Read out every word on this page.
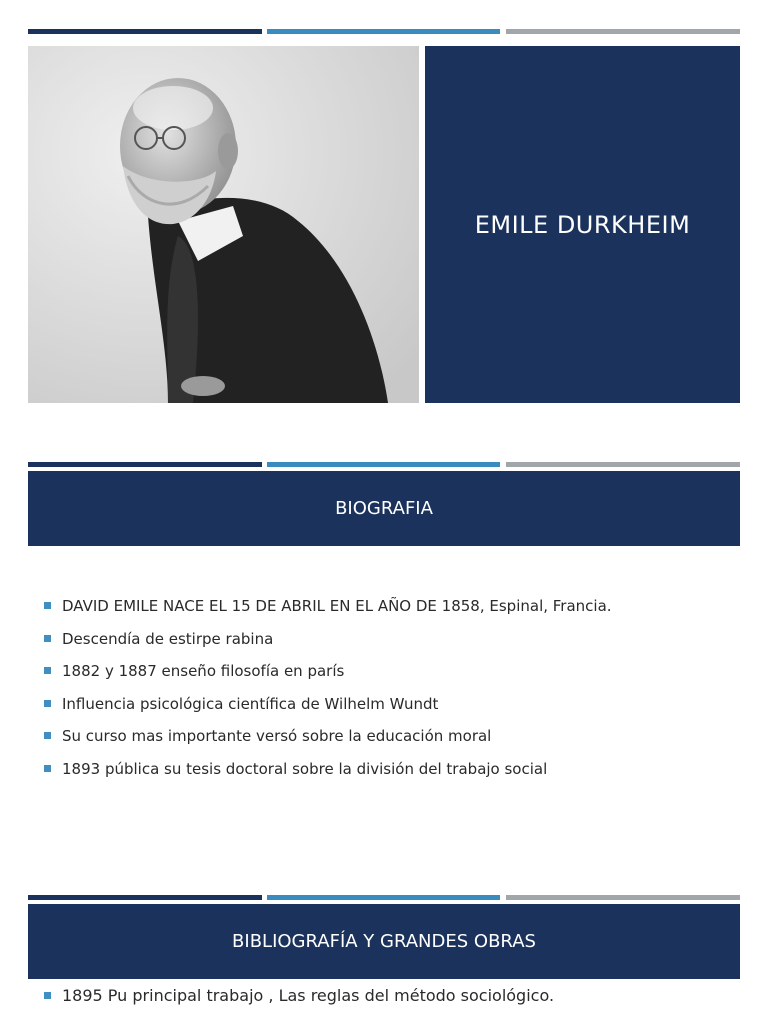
EMILE DURKHEIM
BIOGRAFIA
DAVID EMILE NACE EL 15 DE ABRIL EN EL AÑO DE 1858, Espinal, Francia.
Descendía de estirpe rabina
1882 y 1887 enseño filosofía en parís
Influencia psicológica científica de Wilhelm Wundt
Su curso mas importante versó sobre la educación moral
1893 pública su tesis doctoral sobre la división del trabajo social
BIBLIOGRAFÍA Y GRANDES OBRAS
1895 Pu principal trabajo , Las reglas del método sociológico.
